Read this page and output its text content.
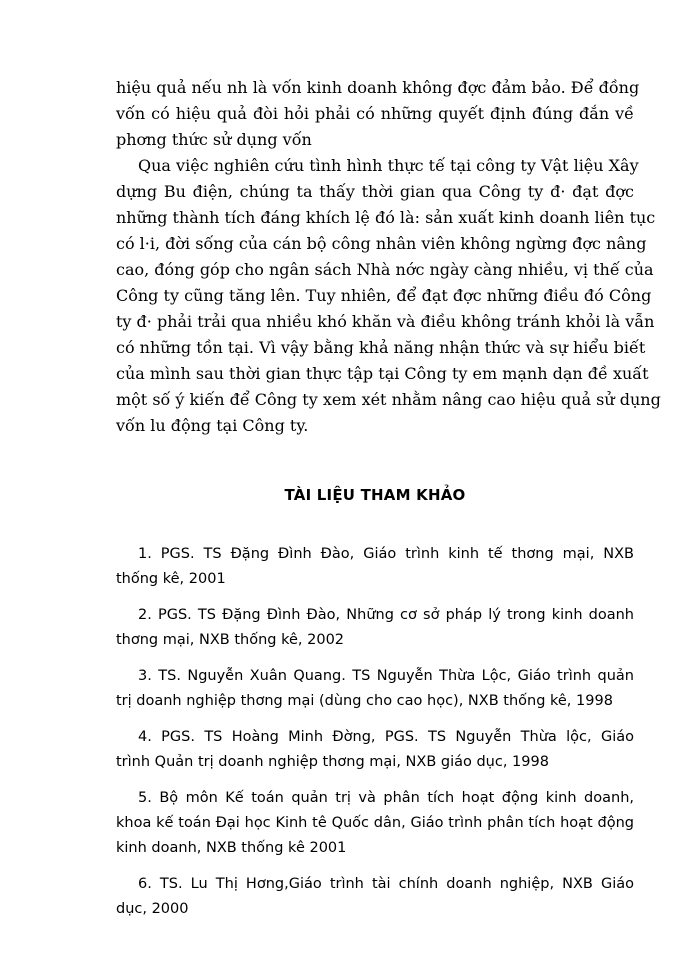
hiệu quả nếu nh là vốn kinh doanh không đợc đảm bảo. Để đồng
vốn có hiệu quả đòi hỏi phải có những quyết định đúng đắn về
phơng thức sử dụng vốn
Qua việc nghiên cứu tình hình thực tế tại công ty Vật liệu Xây
dựng Bu điện, chúng ta thấy thời gian qua Công ty đ· đạt đợc
những thành tích đáng khích lệ đó là: sản xuất kinh doanh liên tục
có l·i, đời sống của cán bộ công nhân viên không ngừng đợc nâng
cao, đóng góp cho ngân sách Nhà nớc ngày càng nhiều, vị thế của
Công ty cũng tăng lên. Tuy nhiên, để đạt đợc những điều đó Công
ty đ· phải trải qua nhiều khó khăn và điều không tránh khỏi là vẫn
có những tồn tại. Vì vậy bằng khả năng nhận thức và sự hiểu biết
của mình sau thời gian thực tập tại Công ty em mạnh dạn đề xuất
một số ý kiến để Công ty xem xét nhằm nâng cao hiệu quả sử dụng
vốn lu động tại Công ty.
TÀI LIỆU THAM KHẢO
1. PGS. TS Đặng Đình Đào, Giáo trình kinh tế thơng mại, NXB
thống kê, 2001
2. PGS. TS Đặng Đình Đào, Những cơ sở pháp lý trong kinh doanh
thơng mại, NXB thống kê, 2002
3. TS. Nguyễn Xuân Quang. TS Nguyễn Thừa Lộc, Giáo trình quản
trị doanh nghiệp thơng mại (dùng cho cao học), NXB thống kê, 1998
4. PGS. TS Hoàng Minh Đờng, PGS. TS Nguyễn Thừa lộc, Giáo
trình Quản trị doanh nghiệp thơng mại, NXB giáo dục, 1998
5. Bộ môn Kế toán quản trị và phân tích hoạt động kinh doanh,
khoa kế toán Đại học Kinh tê Quốc dân, Giáo trình phân tích hoạt động
kinh doanh, NXB thống kê 2001
6. TS. Lu Thị Hơng,Giáo trình tài chính doanh nghiệp, NXB Giáo
dục, 2000
